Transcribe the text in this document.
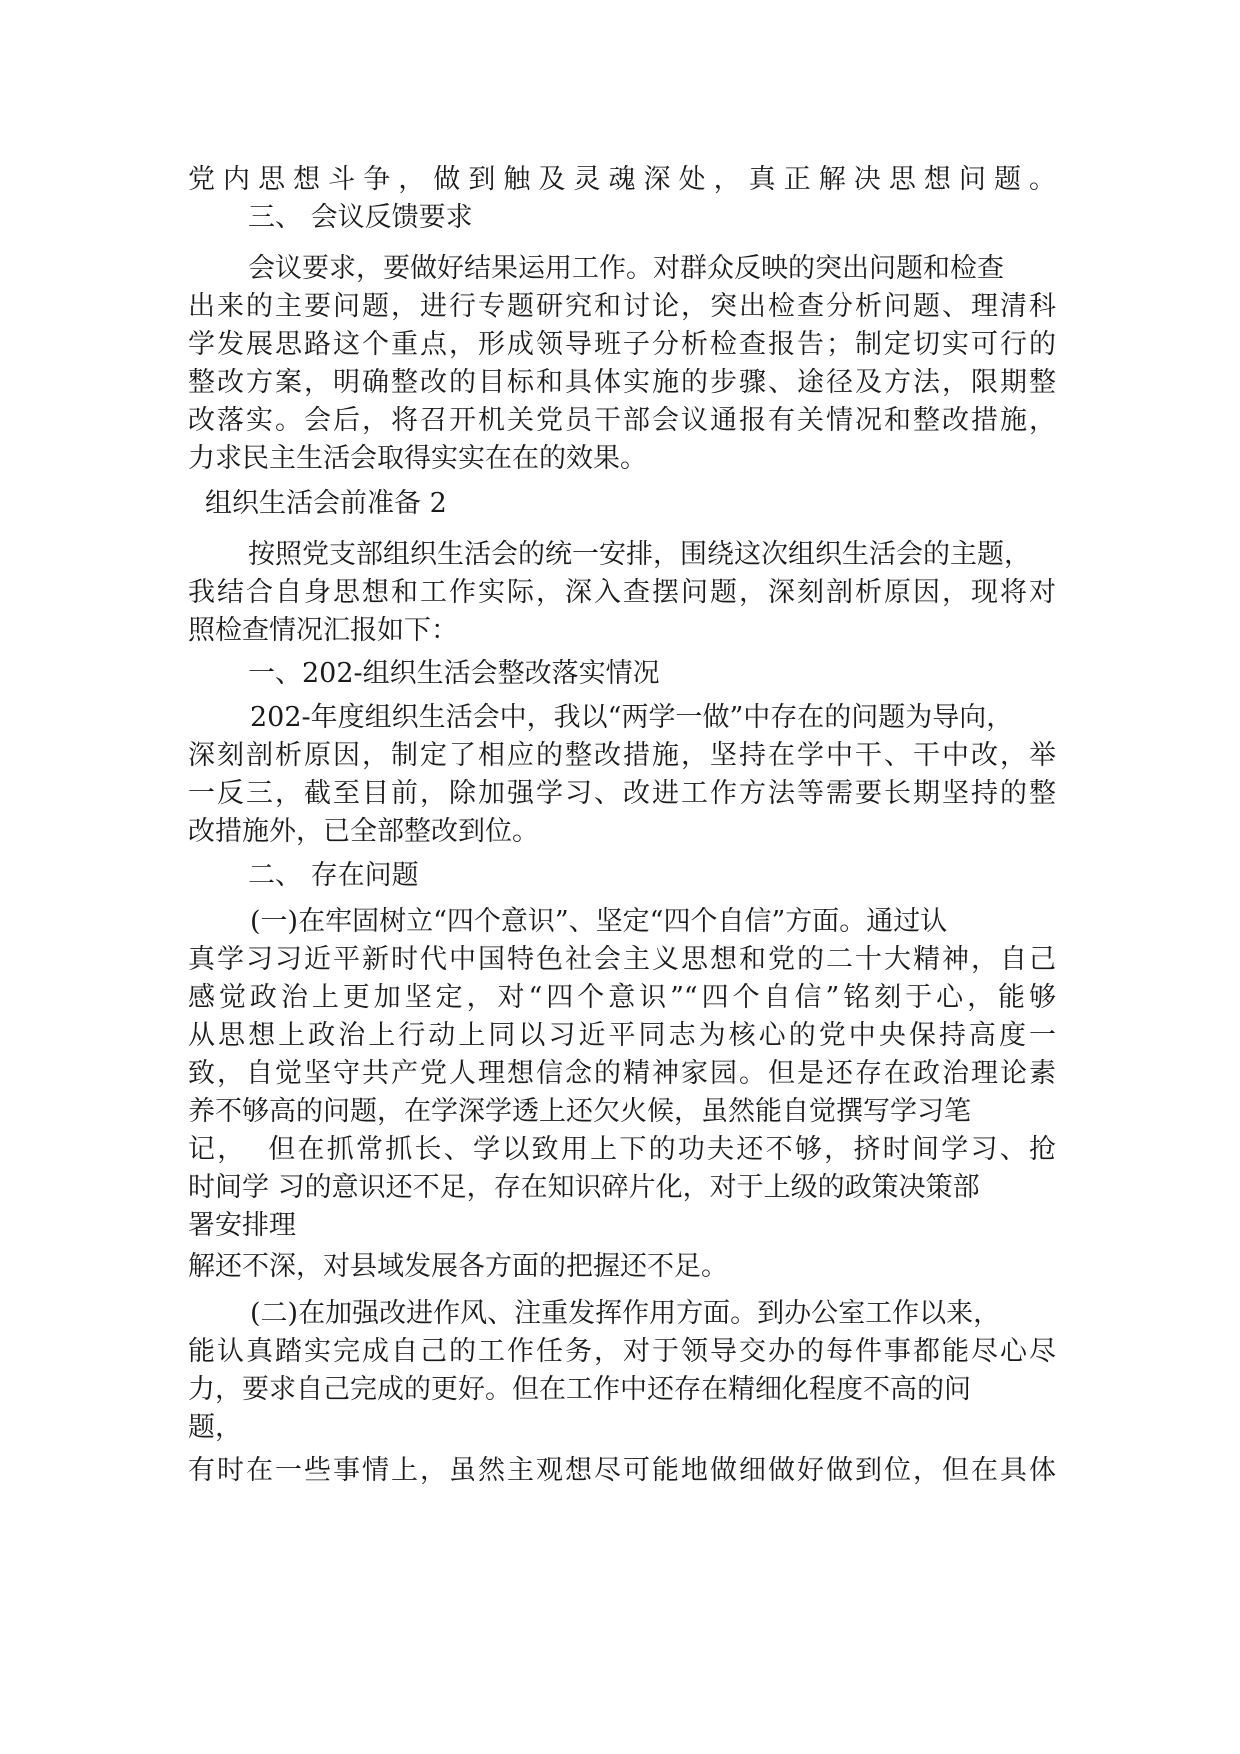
党内思想斗争，做到触及灵魂深处，真正解决思想问题。
三、 会议反馈要求
会议要求，要做好结果运用工作。对群众反映的突出问题和检查
出来的主要问题，进行专题研究和讨论，突出检查分析问题、理清科
学发展思路这个重点，形成领导班子分析检查报告；制定切实可行的
整改方案，明确整改的目标和具体实施的步骤、途径及方法，限期整
改落实。会后，将召开机关党员干部会议通报有关情况和整改措施，
力求民主生活会取得实实在在的效果。
组织生活会前准备 2
按照党支部组织生活会的统一安排，围绕这次组织生活会的主题，
我结合自身思想和工作实际，深入查摆问题，深刻剖析原因，现将对
照检查情况汇报如下：
一、202-组织生活会整改落实情况
202-年度组织生活会中，我以“两学一做”中存在的问题为导向，
深刻剖析原因，制定了相应的整改措施，坚持在学中干、干中改，举
一反三，截至目前，除加强学习、改进工作方法等需要长期坚持的整
改措施外，已全部整改到位。
二、 存在问题
(一)在牢固树立“四个意识”、坚定“四个自信”方面。通过认
真学习习近平新时代中国特色社会主义思想和党的二十大精神，自己
感觉政治上更加坚定，对“四个意识”“四个自信”铭刻于心，能够
从思想上政治上行动上同以习近平同志为核心的党中央保持高度一
致，自觉坚守共产党人理想信念的精神家园。但是还存在政治理论素
养不够高的问题，在学深学透上还欠火候，虽然能自觉撰写学习笔
记，  但在抓常抓长、学以致用上下的功夫还不够，挤时间学习、抢
时间学 习的意识还不足，存在知识碎片化，对于上级的政策决策部
署安排理
解还不深，对县域发展各方面的把握还不足。
(二)在加强改进作风、注重发挥作用方面。到办公室工作以来，
能认真踏实完成自己的工作任务，对于领导交办的每件事都能尽心尽
力，要求自己完成的更好。但在工作中还存在精细化程度不高的问
题，
有时在一些事情上，虽然主观想尽可能地做细做好做到位，但在具体
